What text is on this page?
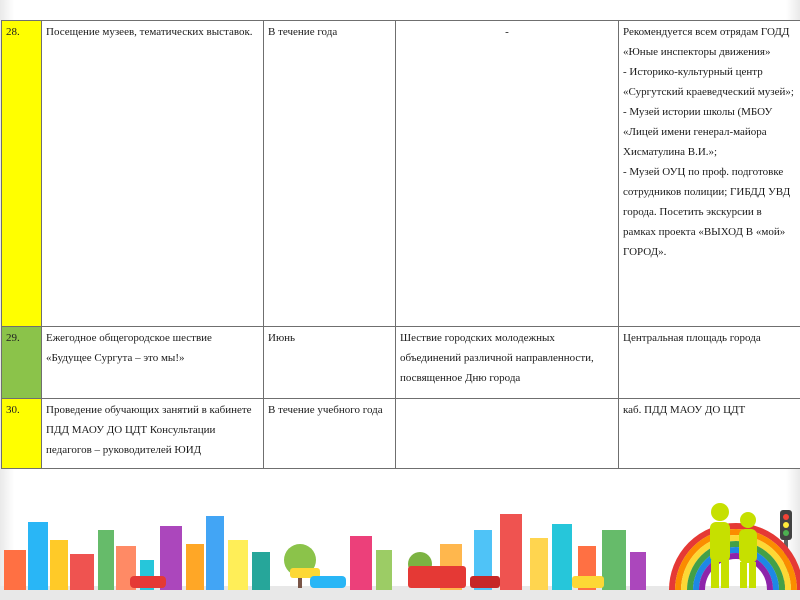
28.	Посещение музеев, тематических выставок.	В течение года	-	Рекомендуется всем отрядам ГОДД «Юные инспекторы движения»
- Историко-культурный центр «Сургутский краеведческий музей»;
- Музей истории школы (МБОУ «Лицей имени генерал-майора Хисматулина В.И.»;
- Музей ОУЦ по проф. подготовке сотрудников полиции; ГИБДД УВД города. Посетить экскурсии в рамках проекта «ВЫХОД В «мой» ГОРОД».

29.	Ежегодное общегородское шествие «Будущее Сургута – это мы!»	Июнь	Шествие городских молодежных объединений различной направленности, посвященное Дню города	Центральная площадь города
30.	Проведение обучающих занятий в кабинете ПДД МАОУ ДО ЦДТ Консультации педагогов – руководителей ЮИД	В течение учебного года		каб. ПДД МАОУ ДО ЦДТ
